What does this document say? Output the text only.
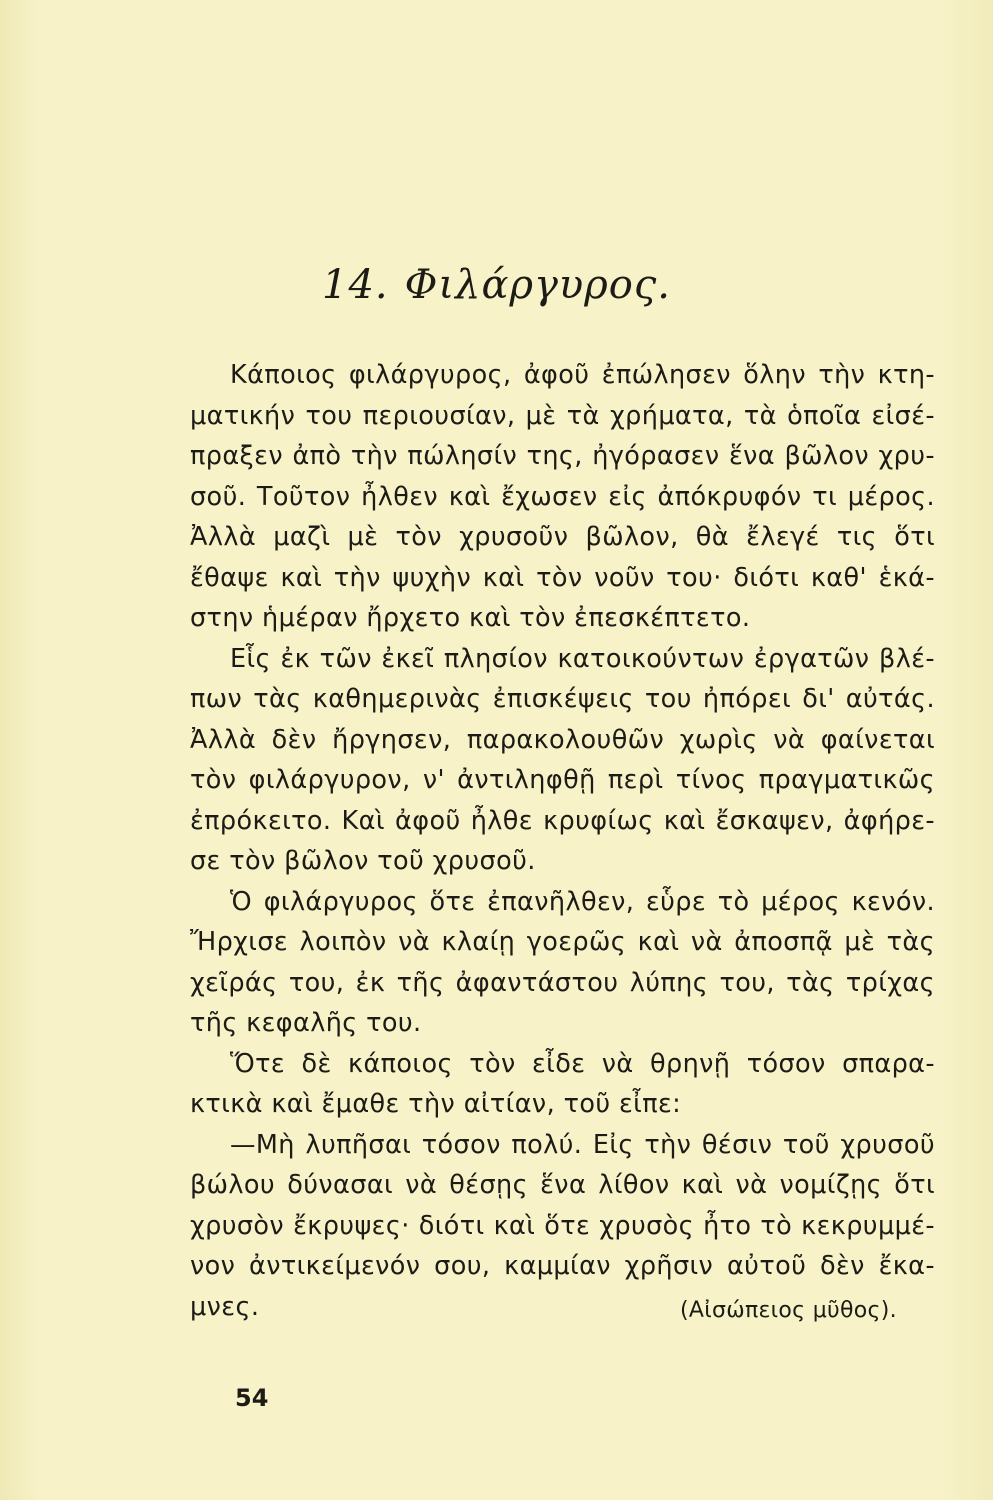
14. Φιλάργυρος.
Κάποιος φιλάργυρος, ἀφοῦ ἐπώλησεν ὅλην τὴν κτη-
ματικήν του περιουσίαν, μὲ τὰ χρήματα, τὰ ὁποῖα εἰσέ-
πραξεν ἀπὸ τὴν πώλησίν της, ἠγόρασεν ἕνα βῶλον χρυ-
σοῦ. Τοῦτον ἦλθεν καὶ ἔχωσεν εἰς ἀπόκρυφόν τι μέρος.
Ἀλλὰ μαζὶ μὲ τὸν χρυσοῦν βῶλον, θὰ ἔλεγέ τις ὅτι
ἔθαψε καὶ τὴν ψυχὴν καὶ τὸν νοῦν του· διότι καθ' ἑκά-
στην ἡμέραν ἤρχετο καὶ τὸν ἐπεσκέπτετο.
Εἷς ἐκ τῶν ἐκεῖ πλησίον κατοικούντων ἐργατῶν βλέ-
πων τὰς καθημερινὰς ἐπισκέψεις του ἠπόρει δι' αὐτάς.
Ἀλλὰ δὲν ἤργησεν, παρακολουθῶν χωρὶς νὰ φαίνεται
τὸν φιλάργυρον, ν' ἀντιληφθῇ περὶ τίνος πραγματικῶς
ἐπρόκειτο. Καὶ ἀφοῦ ἦλθε κρυφίως καὶ ἔσκαψεν, ἀφήρε-
σε τὸν βῶλον τοῦ χρυσοῦ.
Ὁ φιλάργυρος ὅτε ἐπανῆλθεν, εὗρε τὸ μέρος κενόν.
Ἤρχισε λοιπὸν νὰ κλαίῃ γοερῶς καὶ νὰ ἀποσπᾷ μὲ τὰς
χεῖράς του, ἐκ τῆς ἀφαντάστου λύπης του, τὰς τρίχας
τῆς κεφαλῆς του.
Ὅτε δὲ κάποιος τὸν εἶδε νὰ θρηνῇ τόσον σπαρα-
κτικὰ καὶ ἔμαθε τὴν αἰτίαν, τοῦ εἶπε:
—Μὴ λυπῆσαι τόσον πολύ. Εἰς τὴν θέσιν τοῦ χρυσοῦ
βώλου δύνασαι νὰ θέσῃς ἕνα λίθον καὶ νὰ νομίζῃς ὅτι
χρυσὸν ἔκρυψες· διότι καὶ ὅτε χρυσὸς ἦτο τὸ κεκρυμμέ-
νον ἀντικείμενόν σου, καμμίαν χρῆσιν αὐτοῦ δὲν ἔκα-
μνες.	(Αἰσώπειος μῦθος).
54
